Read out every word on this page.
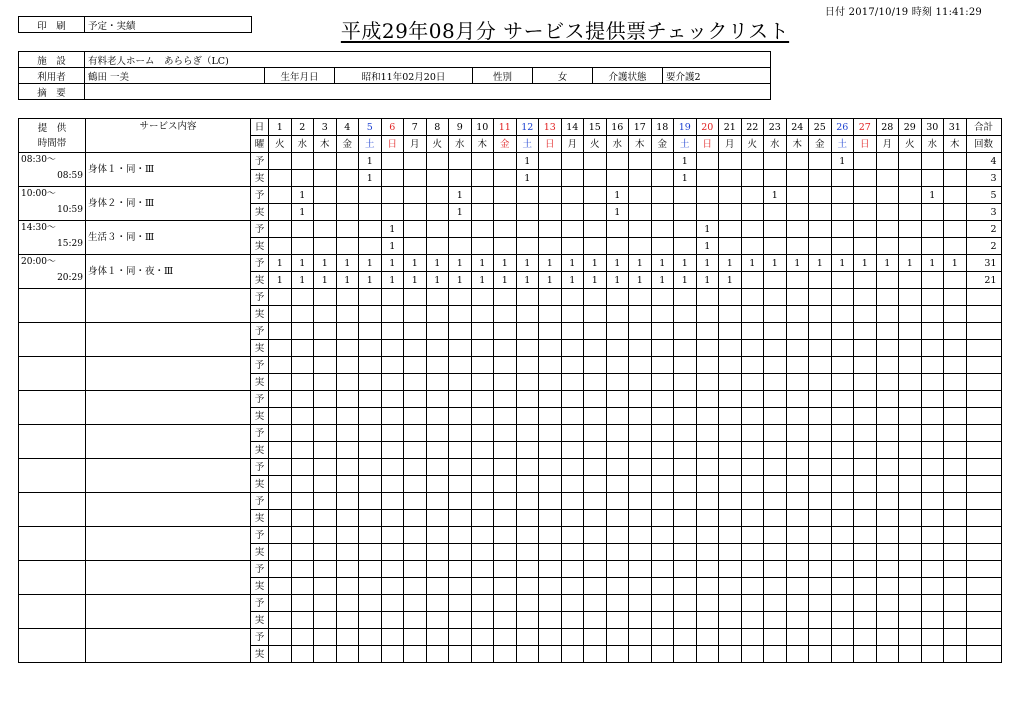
日付 2017/10/19 時刻 11:41:29
印　刷	予定・実績	平成29年08月分 サービス提供票チェックリスト
施　設	有料老人ホーム　あららぎ（LC)						
利用者	鶴田 一美	生年月日	昭和11年02月20日	性別	女	介護状態	要介護2
摘　要							
提　供
時間帯	サービス内容	日	1	2	3	4	5	6	7	8	9	10	11	12	13	14	15	16	17	18	19	20	21	22	23	24	25	26	27	28	29	30	31	合計
		曜	火	水	木	金	土	日	月	火	水	木	金	土	日	月	火	水	木	金	土	日	月	火	水	木	金	土	日	月	火	水	木	回数

08:30〜
08:59	身体１・同・Ⅲ	予					1							1							1							1						4
		実					1							1							1													3

10:00〜
10:59	身体２・同・Ⅲ	予		1							1							1							1							1		5
		実		1							1							1																3

14:30〜
15:29	生活３・同・Ⅲ	予						1														1												2
		実						1														1												2

20:00〜
20:29	身体１・同・夜・Ⅲ	予	1	1	1	1	1	1	1	1	1	1	1	1	1	1	1	1	1	1	1	1	1	1	1	1	1	1	1	1	1	1	1	31
		実	1	1	1	1	1	1	1	1	1	1	1	1	1	1	1	1	1	1	1	1	1											21
		予																																
		実																																
		予																																
		実																																
		予																																
		実																																
		予																																
		実																																
		予																																
		実																																
		予																																
		実																																
		予																																
		実																																
		予																																
		実																																
		予																																
		実																																
		予																																
		実																																
		予																																
		実																																
